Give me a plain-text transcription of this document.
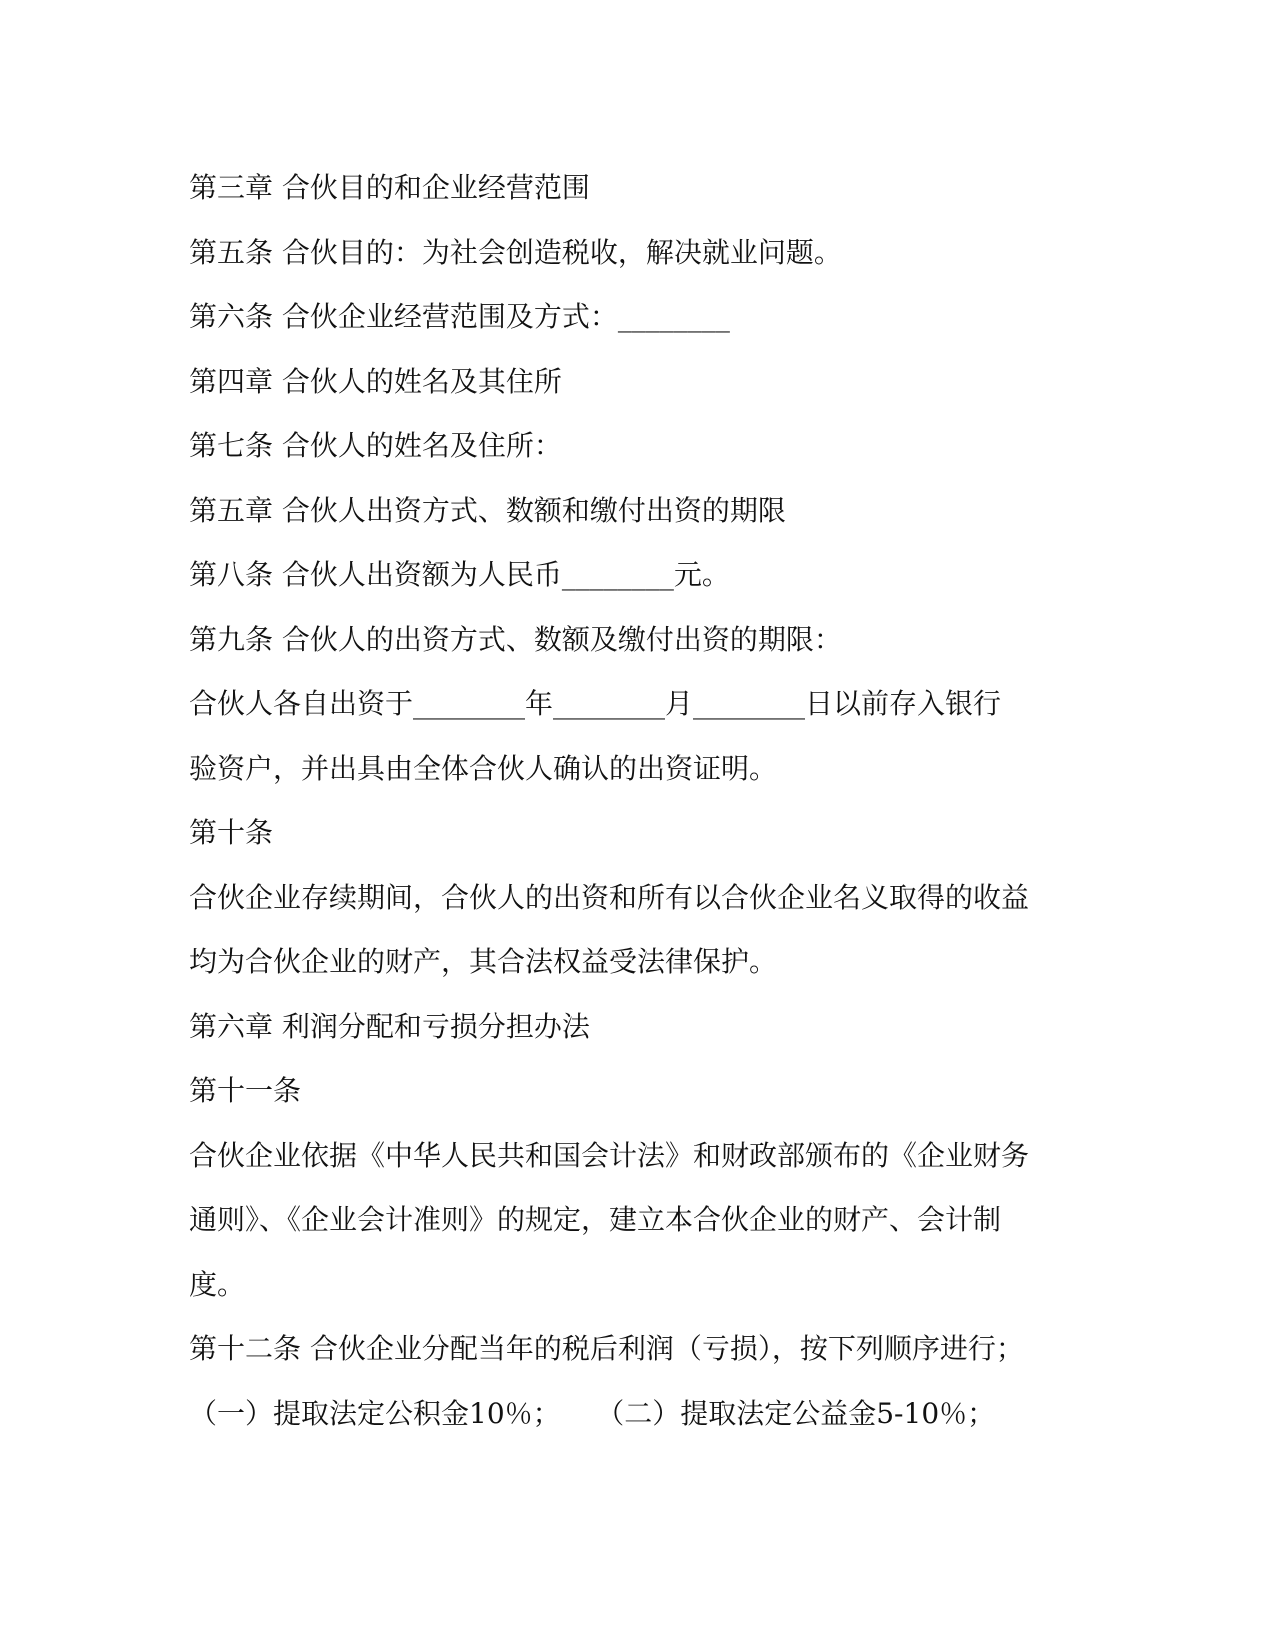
第三章 合伙目的和企业经营范围

第五条 合伙目的：为社会创造税收，解决就业问题。

第六条 合伙企业经营范围及方式：________

第四章 合伙人的姓名及其住所

第七条 合伙人的姓名及住所：

第五章 合伙人出资方式、数额和缴付出资的期限

第八条 合伙人出资额为人民币________元。

第九条 合伙人的出资方式、数额及缴付出资的期限：

合伙人各自出资于________年________月________日以前存入银行

验资户，并出具由全体合伙人确认的出资证明。

第十条

合伙企业存续期间，合伙人的出资和所有以合伙企业名义取得的收益

均为合伙企业的财产，其合法权益受法律保护。

第六章 利润分配和亏损分担办法

第十一条

合伙企业依据《中华人民共和国会计法》和财政部颁布的《企业财务

通则》、《企业会计准则》的规定，建立本合伙企业的财产、会计制

度。

第十二条 合伙企业分配当年的税后利润（亏损），按下列顺序进行；

（一）提取法定公积金10％；    （二）提取法定公益金5-10％；
